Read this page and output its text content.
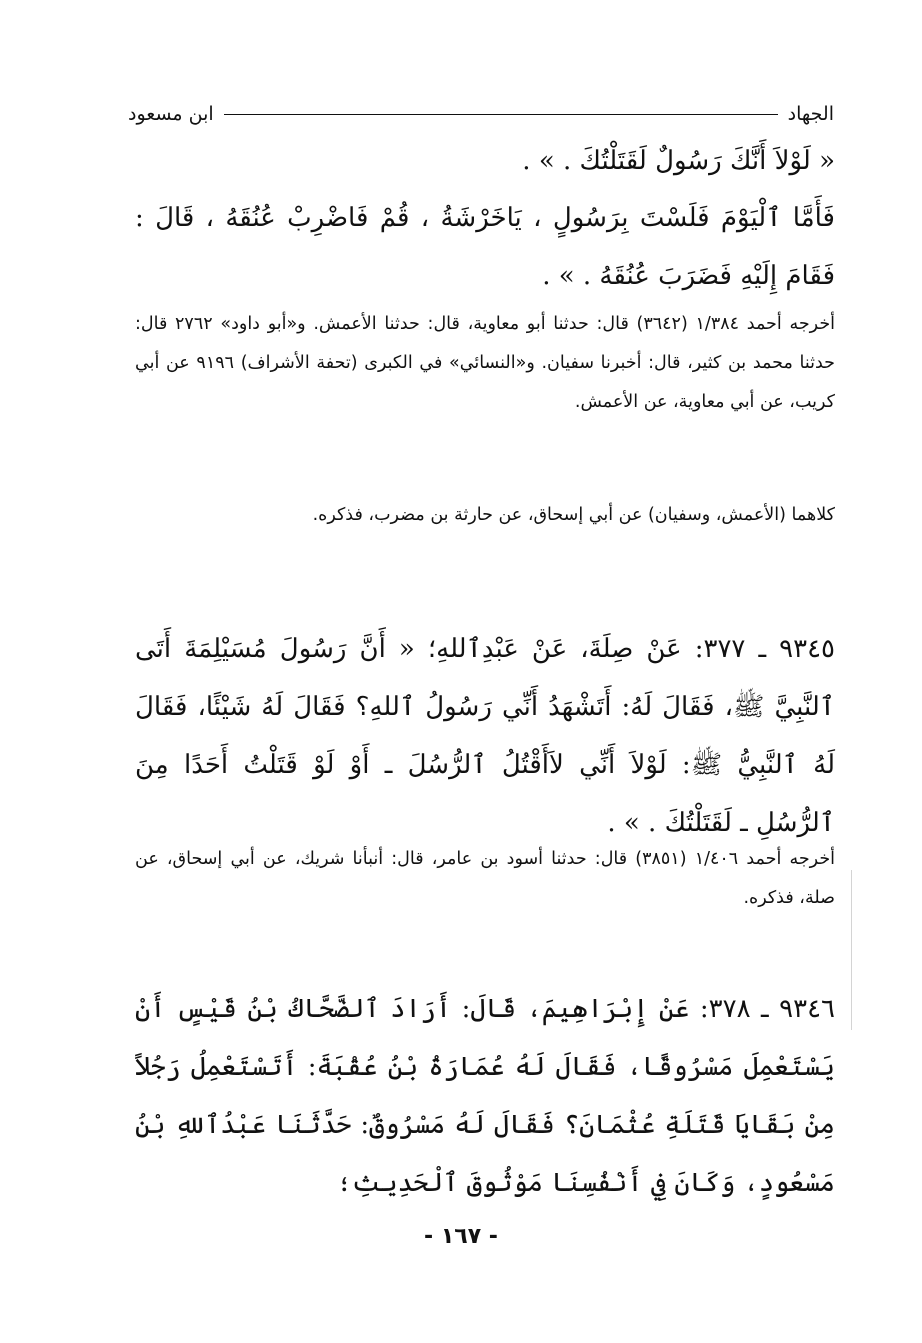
الجهاد
ابن مسعود
« لَوْلاَ أَنَّكَ رَسُولٌ لَقَتَلْتُكَ . » .
فَأَمَّا ٱلْيَوْمَ فَلَسْتَ بِرَسُولٍ ، يَاخَرْشَةُ ، قُمْ فَاضْرِبْ عُنُقَهُ ، قَالَ : فَقَامَ إِلَيْهِ فَضَرَبَ عُنُقَهُ . » .
أخرجه أحمد ١/٣٨٤ (٣٦٤٢) قال: حدثنا أبو معاوية، قال: حدثنا الأعمش. و«أبو داود» ٢٧٦٢ قال: حدثنا محمد بن كثير، قال: أخبرنا سفيان. و«النسائي» في الكبرى (تحفة الأشراف) ٩١٩٦ عن أبي كريب، عن أبي معاوية، عن الأعمش.
كلاهما (الأعمش، وسفيان) عن أبي إسحاق، عن حارثة بن مضرب، فذكره.
٩٣٤٥ ـ ٣٧٧: عَنْ صِلَةَ، عَنْ عَبْدِٱللهِ؛ « أَنَّ رَسُولَ مُسَيْلِمَةَ أَتَى ٱلنَّبِيَّ ﷺ، فَقَالَ لَهُ: أَتَشْهَدُ أَنِّي رَسُولُ ٱللهِ؟ فَقَالَ لَهُ شَيْئًا، فَقَالَ لَهُ ٱلنَّبِيُّ ﷺ: لَوْلاَ أَنِّي لاَأَقْتُلُ ٱلرُّسُلَ ـ أَوْ لَوْ قَتَلْتُ أَحَدًا مِنَ ٱلرُّسُلِ ـ لَقَتَلْتُكَ . » .
أخرجه أحمد ١/٤٠٦ (٣٨٥١) قال: حدثنا أسود بن عامر، قال: أنبأنا شريك، عن أبي إسحاق، عن صلة، فذكره.
٩٣٤٦ ـ ٣٧٨: عَنْ إِبْرَاهِيمَ، قَالَ: أَرَادَ ٱلضَّحَّاكُ بْنُ قَيْسٍ أَنْ يَسْتَعْمِلَ مَسْرُوقًا، فَقَالَ لَهُ عُمَارَةُ بْنُ عُقْبَةَ: أَتَسْتَعْمِلُ رَجُلاً مِنْ بَقَايَا قَتَلَةِ عُثْمَانَ؟ فَقَالَ لَهُ مَسْرُوقٌ: حَدَّثَنَا عَبْدُٱللهِ بْنُ مَسْعُودٍ، وَكَانَ فِي أَنْفُسِنَا مَوْثُوقَ ٱلْحَدِيثِ؛
- ١٦٧ -
